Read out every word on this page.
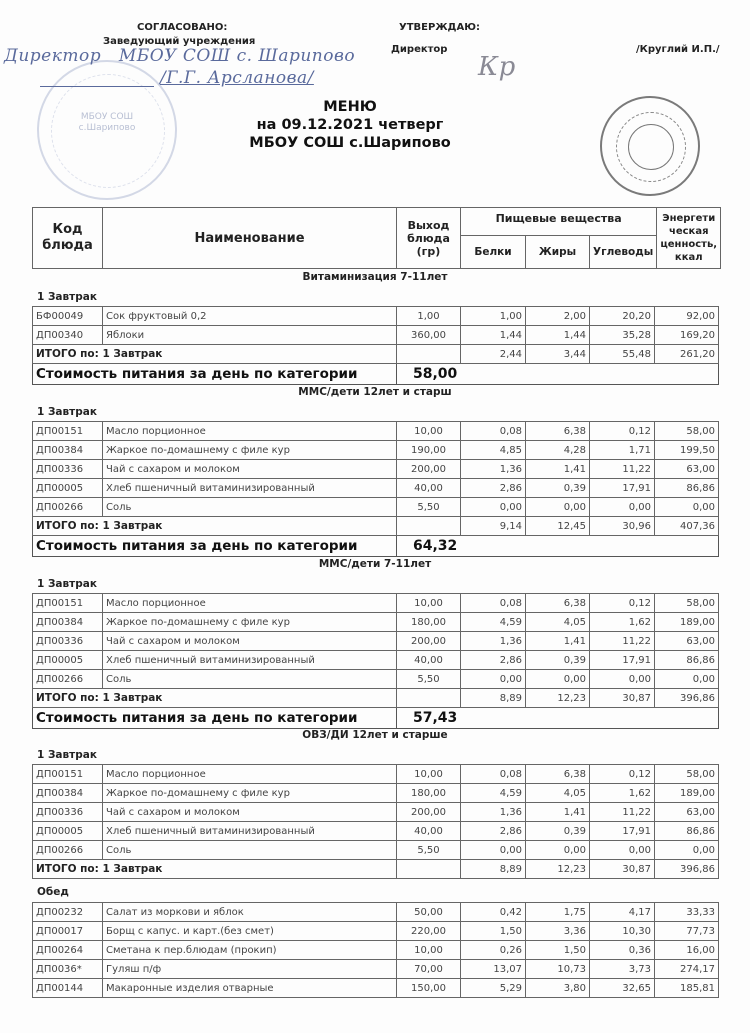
СОГЛАСОВАНО:
Заведующий учреждения
МБОУ СОШ
с.Шарипово
Директор   МБОУ СОШ с. Шарипово
/Г.Г. Арсланова/
УТВЕРЖДАЮ:
Директор
Кр
/Круглий И.П./
МЕНЮ
на 09.12.2021 четверг
МБОУ СОШ с.Шарипово
Код
блюда	Наименование	
Выход
блюда
(гр)
	Пищевые вещества	Энергети
ческая
ценность,
ккал

			Белки	Жиры	Углеводы	
Витаминизация 7-11лет
1 Завтрак
БФ00049	Сок фруктовый 0,2	1,00	1,00	2,00	20,20	92,00
ДП00340	Яблоки	360,00	1,44	1,44	35,28	169,20
ИТОГО по: 1 Завтрак			2,44	3,44	55,48	261,20
Стоимость питания за день по категории		58,00				
ММС/дети 12лет и старш
1 Завтрак
ДП00151	Масло порционное	10,00	0,08	6,38	0,12	58,00
ДП00384	Жаркое по-домашнему с филе кур	190,00	4,85	4,28	1,71	199,50
ДП00336	Чай с сахаром и молоком	200,00	1,36	1,41	11,22	63,00
ДП00005	Хлеб пшеничный витаминизированный	40,00	2,86	0,39	17,91	86,86
ДП00266	Соль	5,50	0,00	0,00	0,00	0,00
ИТОГО по: 1 Завтрак			9,14	12,45	30,96	407,36
Стоимость питания за день по категории		64,32				
ММС/дети 7-11лет
1 Завтрак
ДП00151	Масло порционное	10,00	0,08	6,38	0,12	58,00
ДП00384	Жаркое по-домашнему с филе кур	180,00	4,59	4,05	1,62	189,00
ДП00336	Чай с сахаром и молоком	200,00	1,36	1,41	11,22	63,00
ДП00005	Хлеб пшеничный витаминизированный	40,00	2,86	0,39	17,91	86,86
ДП00266	Соль	5,50	0,00	0,00	0,00	0,00
ИТОГО по: 1 Завтрак			8,89	12,23	30,87	396,86
Стоимость питания за день по категории		57,43				
ОВЗ/ДИ 12лет и старше
1 Завтрак
ДП00151	Масло порционное	10,00	0,08	6,38	0,12	58,00
ДП00384	Жаркое по-домашнему с филе кур	180,00	4,59	4,05	1,62	189,00
ДП00336	Чай с сахаром и молоком	200,00	1,36	1,41	11,22	63,00
ДП00005	Хлеб пшеничный витаминизированный	40,00	2,86	0,39	17,91	86,86
ДП00266	Соль	5,50	0,00	0,00	0,00	0,00
ИТОГО по: 1 Завтрак			8,89	12,23	30,87	396,86
Обед
ДП00232	Салат из моркови и яблок	50,00	0,42	1,75	4,17	33,33
ДП00017	Борщ с капус. и карт.(без смет)	220,00	1,50	3,36	10,30	77,73
ДП00264	Сметана к пер.блюдам (прокип)	10,00	0,26	1,50	0,36	16,00
ДП0036*	Гуляш п/ф	70,00	13,07	10,73	3,73	274,17
ДП00144	Макаронные изделия отварные	150,00	5,29	3,80	32,65	185,81
